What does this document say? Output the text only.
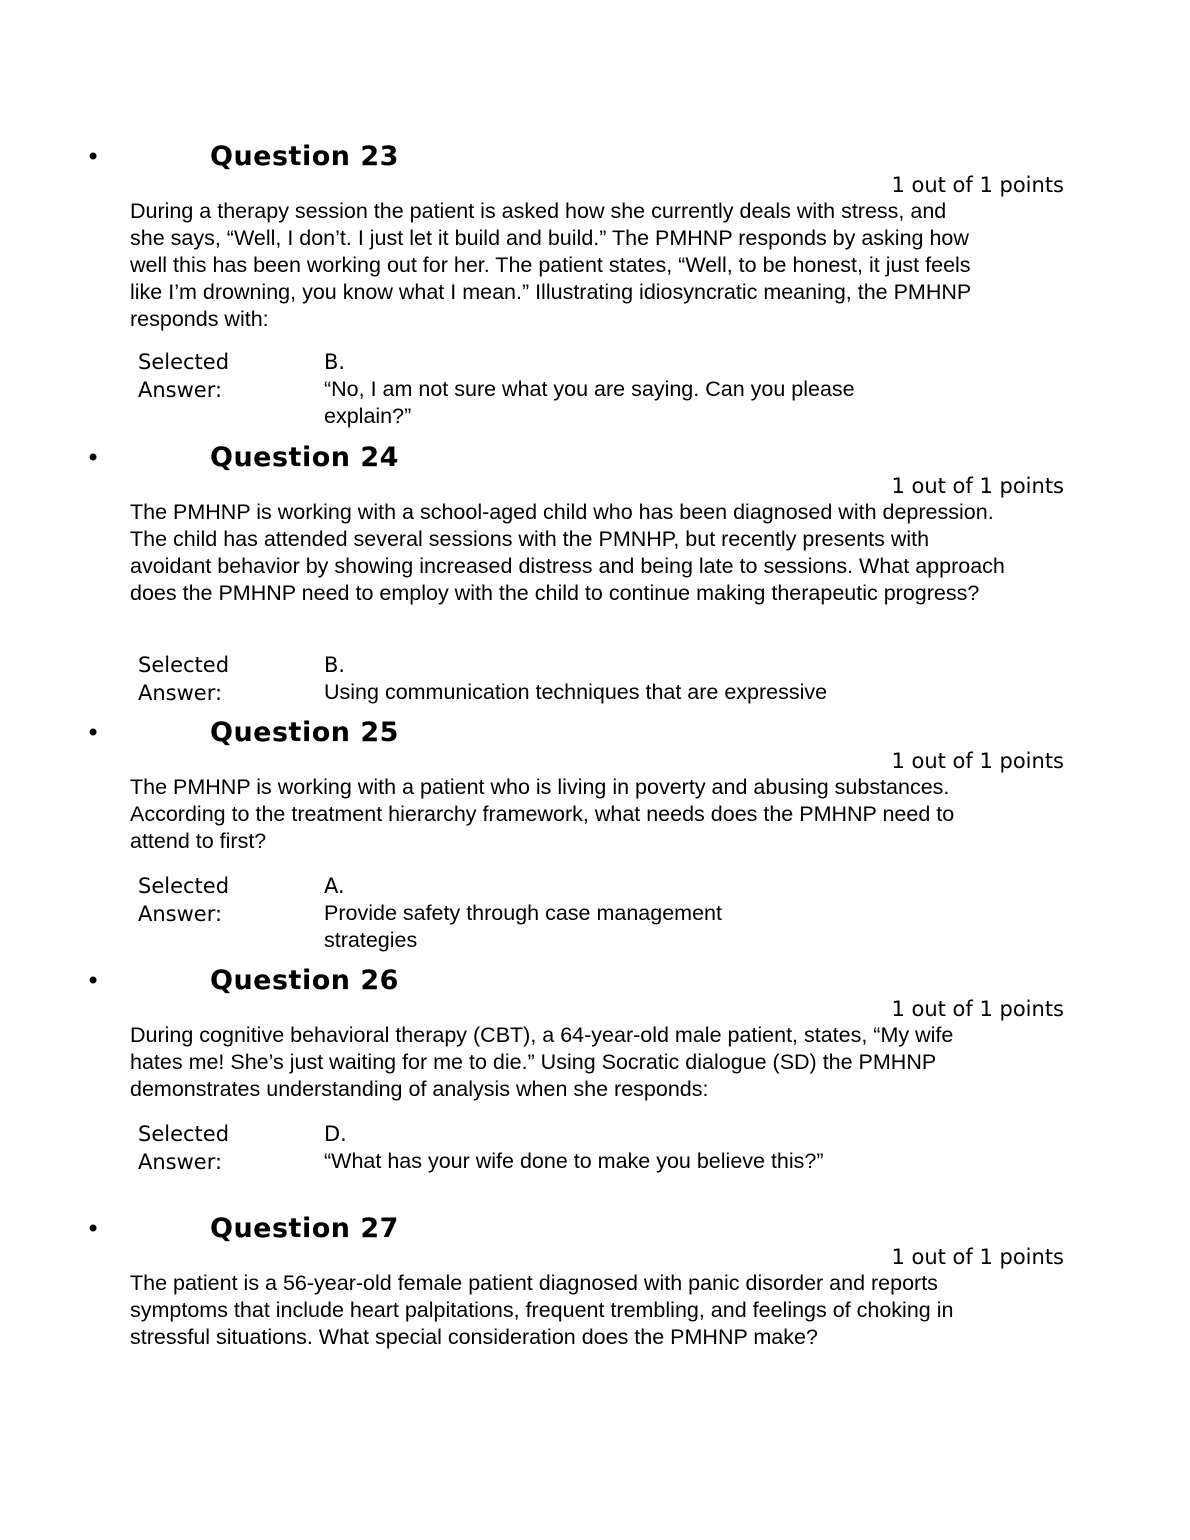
•	Question 23
1 out of 1 points
During a therapy session the patient is asked how she currently deals with stress, and she says, “Well, I don’t. I just let it build and build.” The PMHNP responds by asking how well this has been working out for her. The patient states, “Well, to be honest, it just feels like I’m drowning, you know what I mean.” Illustrating idiosyncratic meaning, the PMHNP responds with:
Selected
Answer:
B.
“No, I am not sure what you are saying. Can you please explain?”
•	Question 24
1 out of 1 points
The PMHNP is working with a school-aged child who has been diagnosed with depression. The child has attended several sessions with the PMNHP, but recently presents with avoidant behavior by showing increased distress and being late to sessions. What approach does the PMHNP need to employ with the child to continue making therapeutic progress?
Selected
Answer:
B.
Using communication techniques that are expressive
•	Question 25
1 out of 1 points
The PMHNP is working with a patient who is living in poverty and abusing substances. According to the treatment hierarchy framework, what needs does the PMHNP need to attend to first?
Selected
Answer:
A.
Provide safety through case management strategies
•	Question 26
1 out of 1 points
During cognitive behavioral therapy (CBT), a 64-year-old male patient, states, “My wife hates me! She’s just waiting for me to die.” Using Socratic dialogue (SD) the PMHNP demonstrates understanding of analysis when she responds:
Selected
Answer:
D.
“What has your wife done to make you believe this?”
•	Question 27
1 out of 1 points
The patient is a 56-year-old female patient diagnosed with panic disorder and reports symptoms that include heart palpitations, frequent trembling, and feelings of choking in stressful situations. What special consideration does the PMHNP make?
